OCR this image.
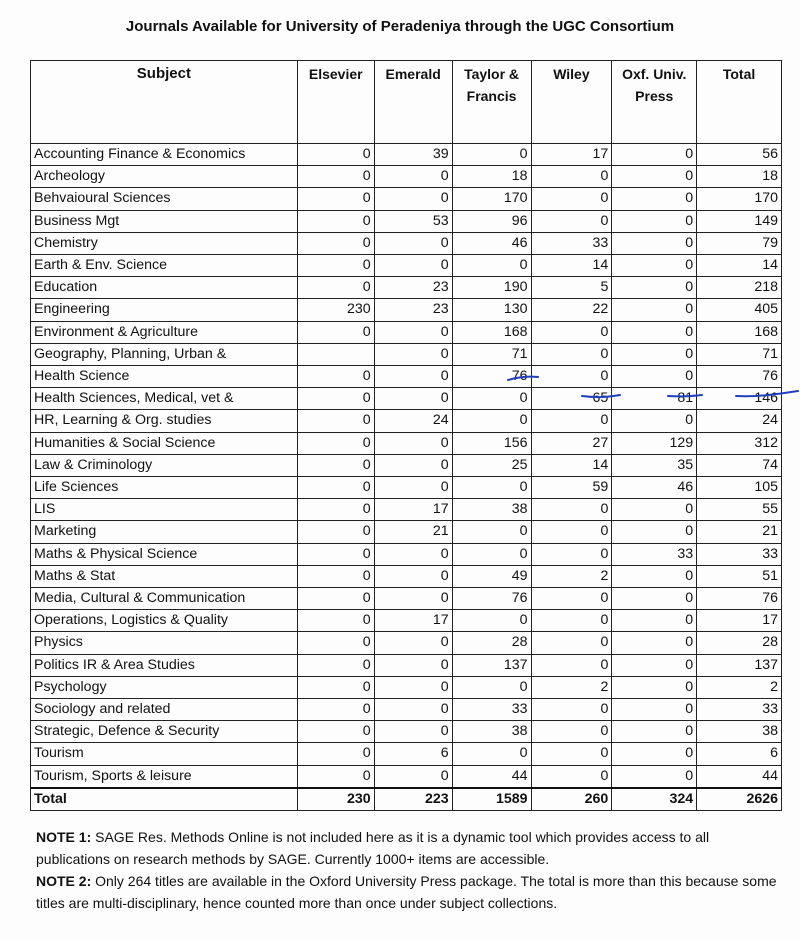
Journals Available for University of Peradeniya through the UGC Consortium
Subject	Elsevier	Emerald	Taylor & Francis	Wiley	Oxf. Univ. Press	Total
Accounting Finance & Economics	0	39	0	17	0	56
Archeology	0	0	18	0	0	18
Behvaioural Sciences	0	0	170	0	0	170
Business Mgt	0	53	96	0	0	149
Chemistry	0	0	46	33	0	79
Earth & Env. Science	0	0	0	14	0	14
Education	0	23	190	5	0	218
Engineering	230	23	130	22	0	405
Environment & Agriculture	0	0	168	0	0	168
Geography, Planning, Urban &		0	71	0	0	71
Health Science	0	0	76	0	0	76
Health Sciences, Medical, vet &	0	0	0	65	81	146
HR, Learning & Org. studies	0	24	0	0	0	24
Humanities & Social Science	0	0	156	27	129	312
Law & Criminology	0	0	25	14	35	74
Life Sciences	0	0	0	59	46	105
LIS	0	17	38	0	0	55
Marketing	0	21	0	0	0	21
Maths & Physical Science	0	0	0	0	33	33
Maths & Stat	0	0	49	2	0	51
Media, Cultural & Communication	0	0	76	0	0	76
Operations, Logistics & Quality	0	17	0	0	0	17
Physics	0	0	28	0	0	28
Politics IR & Area Studies	0	0	137	0	0	137
Psychology	0	0	0	2	0	2
Sociology and related	0	0	33	0	0	33
Strategic, Defence & Security	0	0	38	0	0	38
Tourism	0	6	0	0	0	6
Tourism, Sports & leisure	0	0	44	0	0	44
Total	230	223	1589	260	324	2626

NOTE 1: SAGE Res. Methods Online is not included here as it is a dynamic tool which provides access to all publications on research methods by SAGE. Currently 1000+ items are accessible.

NOTE 2: Only 264 titles are available in the Oxford University Press package. The total is more than this because some titles are multi-disciplinary, hence counted more than once under subject collections.
